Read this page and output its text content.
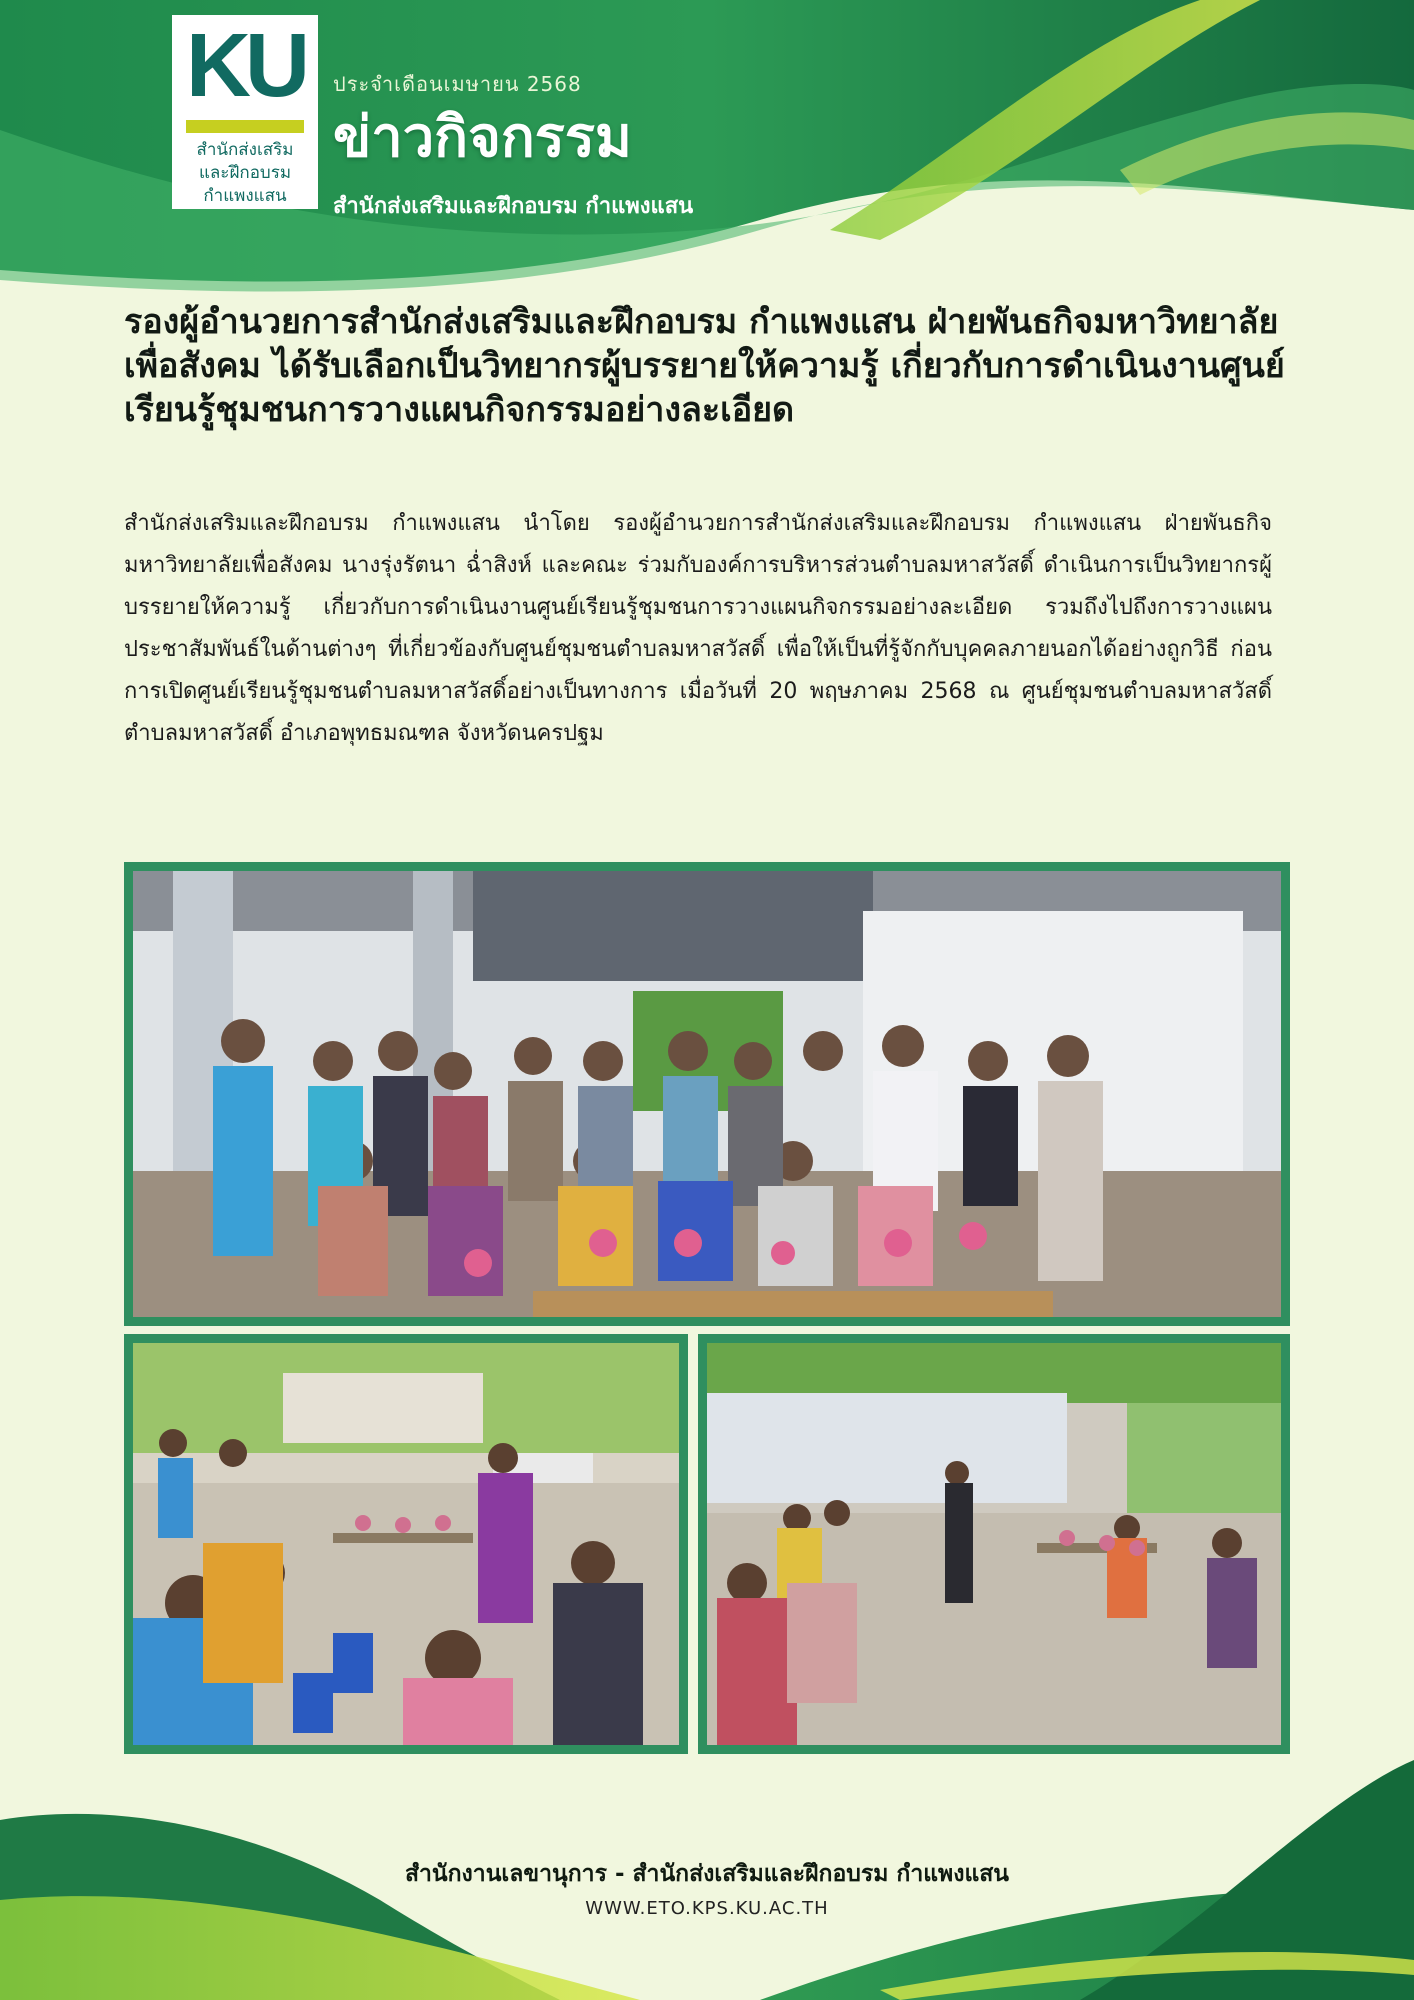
KU
สำนักส่งเสริม
และฝึกอบรม
กำแพงแสน
ประจำเดือนเมษายน 2568
ข่าวกิจกรรม
สำนักส่งเสริมและฝึกอบรม กำแพงแสน
รองผู้อำนวยการสำนักส่งเสริมและฝึกอบรม กำแพงแสน ฝ่ายพันธกิจมหาวิทยาลัยเพื่อสังคม ได้รับเลือกเป็นวิทยากรผู้บรรยายให้ความรู้ เกี่ยวกับการดำเนินงานศูนย์เรียนรู้ชุมชนการวางแผนกิจกรรมอย่างละเอียด

สำนักส่งเสริมและฝึกอบรม กำแพงแสน นำโดย รองผู้อำนวยการสำนักส่งเสริมและฝึกอบรม กำแพงแสน ฝ่ายพันธกิจมหาวิทยาลัยเพื่อสังคม นางรุ่งรัตนา ฉ่ำสิงห์ และคณะ ร่วมกับองค์การบริหารส่วนตำบลมหาสวัสดิ์ ดำเนินการเป็นวิทยากรผู้บรรยายให้ความรู้ เกี่ยวกับการดำเนินงานศูนย์เรียนรู้ชุมชนการวางแผนกิจกรรมอย่างละเอียด รวมถึงไปถึงการวางแผนประชาสัมพันธ์ในด้านต่างๆ ที่เกี่ยวข้องกับศูนย์ชุมชนตำบลมหาสวัสดิ์ เพื่อให้เป็นที่รู้จักกับบุคคลภายนอกได้อย่างถูกวิธี ก่อนการเปิดศูนย์เรียนรู้ชุมชนตำบลมหาสวัสดิ์อย่างเป็นทางการ เมื่อวันที่ 20 พฤษภาคม 2568 ณ ศูนย์ชุมชนตำบลมหาสวัสดิ์ ตำบลมหาสวัสดิ์ อำเภอพุทธมณฑล จังหวัดนครปฐม

สำนักงานเลขานุการ - สำนักส่งเสริมและฝึกอบรม กำแพงแสน
WWW.ETO.KPS.KU.AC.TH
